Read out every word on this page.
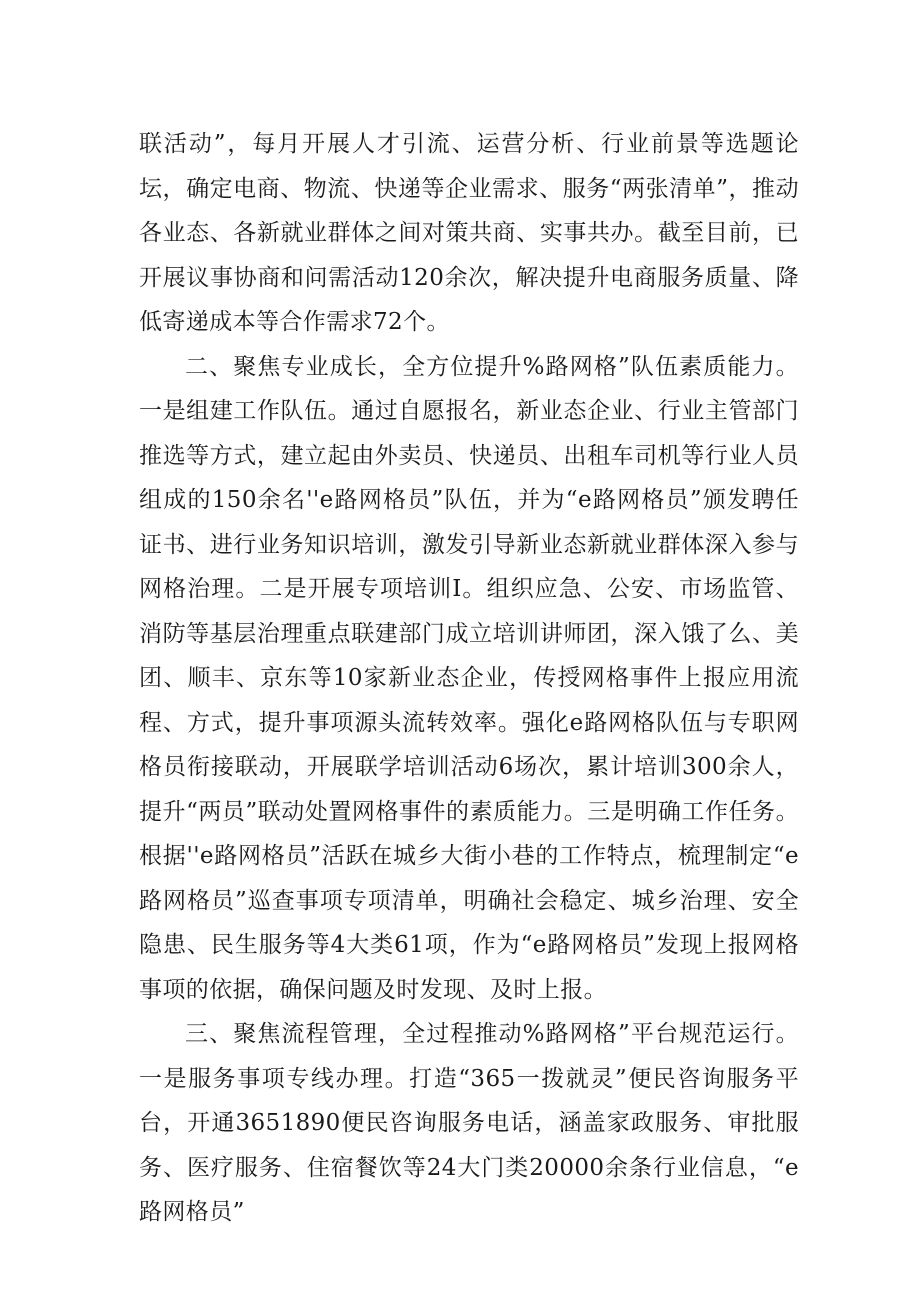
联活动”，每月开展人才引流、运营分析、行业前景等选题论坛，确定电商、物流、快递等企业需求、服务“两张清单”，推动各业态、各新就业群体之间对策共商、实事共办。截至目前，已开展议事协商和问需活动120余次，解决提升电商服务质量、降低寄递成本等合作需求72个。

二、聚焦专业成长，全方位提升%路网格”队伍素质能力。一是组建工作队伍。通过自愿报名，新业态企业、行业主管部门推选等方式，建立起由外卖员、快递员、出租车司机等行业人员组成的150余名''e路网格员”队伍，并为“e路网格员”颁发聘任证书、进行业务知识培训，激发引导新业态新就业群体深入参与网格治理。二是开展专项培训I。组织应急、公安、市场监管、消防等基层治理重点联建部门成立培训讲师团，深入饿了么、美团、顺丰、京东等10家新业态企业，传授网格事件上报应用流程、方式，提升事项源头流转效率。强化e路网格队伍与专职网格员衔接联动，开展联学培训活动6场次，累计培训300余人，提升“两员”联动处置网格事件的素质能力。三是明确工作任务。根据''e路网格员”活跃在城乡大街小巷的工作特点，梳理制定“e路网格员”巡查事项专项清单，明确社会稳定、城乡治理、安全隐患、民生服务等4大类61项，作为“e路网格员”发现上报网格事项的依据，确保问题及时发现、及时上报。

三、聚焦流程管理，全过程推动%路网格”平台规范运行。一是服务事项专线办理。打造“365一拨就灵”便民咨询服务平台，开通3651890便民咨询服务电话，涵盖家政服务、审批服务、医疗服务、住宿餐饮等24大门类20000余条行业信息，“e路网格员”
